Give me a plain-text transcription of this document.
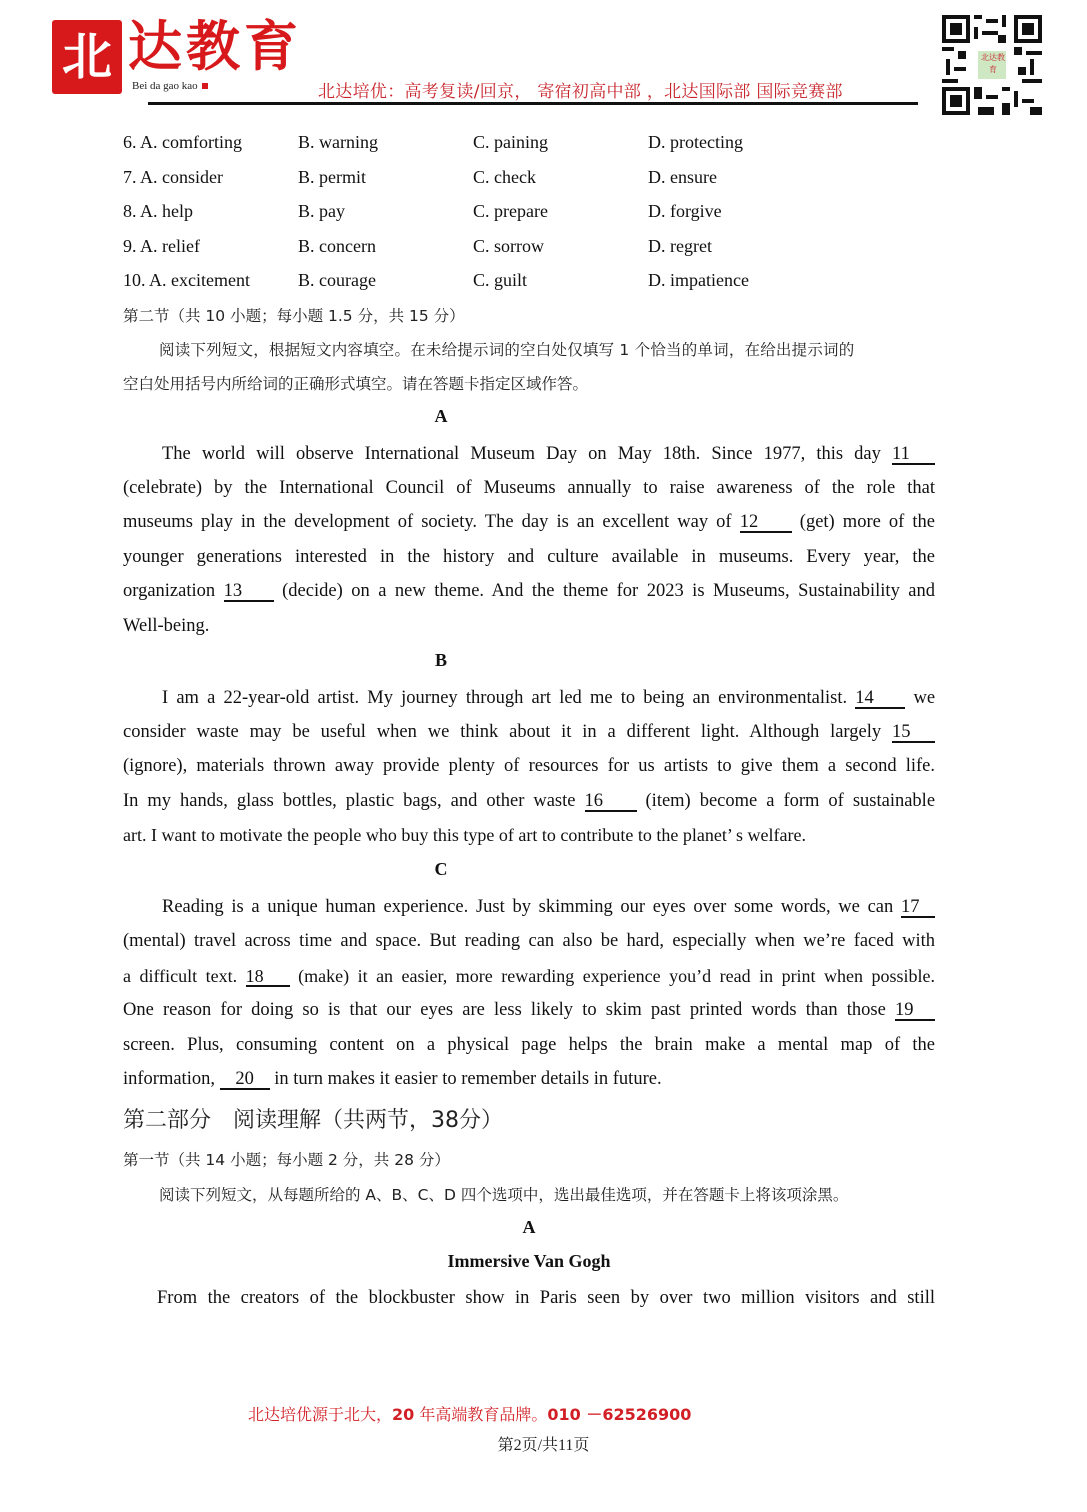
北 达教育
Bei da gao kao	北达培优：高考复读/回京， 寄宿初高中部 ，北达国际部 国际竞赛部
北达教育
6. A. comforting	B. warning	C. paining	D. protecting
7. A. consider	B. permit	C. check	D. ensure
8. A. help	B. pay	C. prepare	D. forgive
9. A. relief	B. concern	C. sorrow	D. regret
10. A. excitement	B. courage	C. guilt	D. impatience
第二节（共 10 小题；每小题 1.5 分，共 15 分）
阅读下列短文，根据短文内容填空。在未给提示词的空白处仅填写 1 个恰当的单词，在给出提示词的
空白处用括号内所给词的正确形式填空。请在答题卡指定区域作答。
A
The world will observe International Museum Day on May 18th. Since 1977, this day 11
(celebrate) by the International Council of Museums annually to raise awareness of the role that
museums play in the development of society. The day is an excellent way of 12 (get) more of the
younger generations interested in the history and culture available in museums. Every year, the
organization 13 (decide) on a new theme. And the theme for 2023 is Museums, Sustainability and
Well-being.
B
I am a 22-year-old artist. My journey through art led me to being an environmentalist. 14 we
consider waste may be useful when we think about it in a different light. Although largely 15
(ignore), materials thrown away provide plenty of resources for us artists to give them a second life.
In my hands, glass bottles, plastic bags, and other waste 16 (item) become a form of sustainable
art. I want to motivate the people who buy this type of art to contribute to the planet’ s welfare.
C
Reading is a unique human experience. Just by skimming our eyes over some words, we can 17
(mental) travel across time and space. But reading can also be hard, especially when we’re faced with
a difficult text. 18 (make) it an easier, more rewarding experience you’d read in print when possible.
One reason for doing so is that our eyes are less likely to skim past printed words than those 19
screen. Plus, consuming content on a physical page helps the brain make a mental map of the
information, 20 in turn makes it easier to remember details in future.
第二部分　阅读理解（共两节，38分）
第一节（共 14 小题；每小题 2 分，共 28 分）
阅读下列短文，从每题所给的 A、B、C、D 四个选项中，选出最佳选项，并在答题卡上将该项涂黑。
A
Immersive Van Gogh
From the creators of the blockbuster show in Paris seen by over two million visitors and still
北达培优源于北大，20 年高端教育品牌。010 －62526900
第2页/共11页
